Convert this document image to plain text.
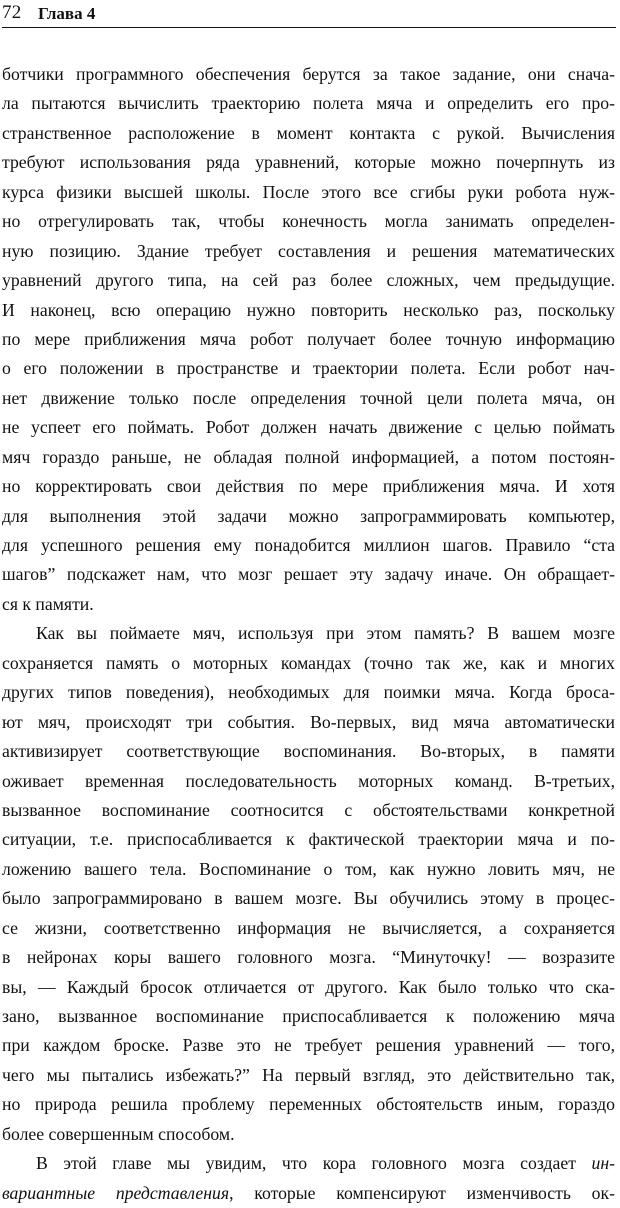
72 Глава 4
ботчики программного обеспечения берутся за такое задание, они снача-
ла пытаются вычислить траекторию полета мяча и определить его про-
странственное расположение в момент контакта с рукой. Вычисления
требуют использования ряда уравнений, которые можно почерпнуть из
курса физики высшей школы. После этого все сгибы руки робота нуж-
но отрегулировать так, чтобы конечность могла занимать определен-
ную позицию. Здание требует составления и решения математических
уравнений другого типа, на сей раз более сложных, чем предыдущие.
И наконец, всю операцию нужно повторить несколько раз, поскольку
по мере приближения мяча робот получает более точную информацию
о его положении в пространстве и траектории полета. Если робот нач-
нет движение только после определения точной цели полета мяча, он
не успеет его поймать. Робот должен начать движение с целью поймать
мяч гораздо раньше, не обладая полной информацией, а потом постоян-
но корректировать свои действия по мере приближения мяча. И хотя
для выполнения этой задачи можно запрограммировать компьютер,
для успешного решения ему понадобится миллион шагов. Правило “ста
шагов” подскажет нам, что мозг решает эту задачу иначе. Он обращает-
ся к памяти.
Как вы поймаете мяч, используя при этом память? В вашем мозге
сохраняется память о моторных командах (точно так же, как и многих
других типов поведения), необходимых для поимки мяча. Когда броса-
ют мяч, происходят три события. Во-первых, вид мяча автоматически
активизирует соответствующие воспоминания. Во-вторых, в памяти
оживает временная последовательность моторных команд. В-третьих,
вызванное воспоминание соотносится с обстоятельствами конкретной
ситуации, т.е. приспосабливается к фактической траектории мяча и по-
ложению вашего тела. Воспоминание о том, как нужно ловить мяч, не
было запрограммировано в вашем мозге. Вы обучились этому в процес-
се жизни, соответственно информация не вычисляется, а сохраняется
в нейронах коры вашего головного мозга. “Минуточку! — возразите
вы, — Каждый бросок отличается от другого. Как было только что ска-
зано, вызванное воспоминание приспосабливается к положению мяча
при каждом броске. Разве это не требует решения уравнений — того,
чего мы пытались избежать?” На первый взгляд, это действительно так,
но природа решила проблему переменных обстоятельств иным, гораздо
более совершенным способом.
В этой главе мы увидим, что кора головного мозга создает ин-
вариантные представления, которые компенсируют изменчивость ок-
